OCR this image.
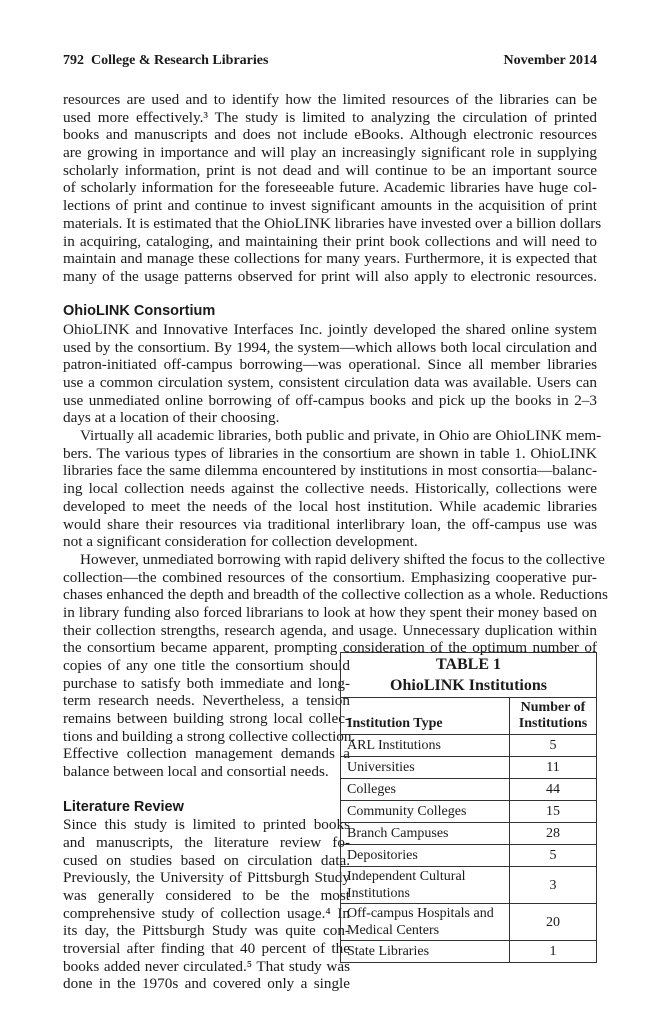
792  College & Research Libraries	November 2014
resources are used and to identify how the limited resources of the libraries can be
used more effectively.³ The study is limited to analyzing the circulation of printed
books and manuscripts and does not include eBooks. Although electronic resources
are growing in importance and will play an increasingly significant role in supplying
scholarly information, print is not dead and will continue to be an important source
of scholarly information for the foreseeable future. Academic libraries have huge col-
lections of print and continue to invest significant amounts in the acquisition of print
materials. It is estimated that the OhioLINK libraries have invested over a billion dollars
in acquiring, cataloging, and maintaining their print book collections and will need to
maintain and manage these collections for many years. Furthermore, it is expected that
many of the usage patterns observed for print will also apply to electronic resources.
OhioLINK Consortium
OhioLINK and Innovative Interfaces Inc. jointly developed the shared online system
used by the consortium. By 1994, the system—which allows both local circulation and
patron-initiated off-campus borrowing—was operational. Since all member libraries
use a common circulation system, consistent circulation data was available. Users can
use unmediated online borrowing of off-campus books and pick up the books in 2–3
days at a location of their choosing.
Virtually all academic libraries, both public and private, in Ohio are OhioLINK mem-
bers. The various types of libraries in the consortium are shown in table 1. OhioLINK
libraries face the same dilemma encountered by institutions in most consortia—balanc-
ing local collection needs against the collective needs. Historically, collections were
developed to meet the needs of the local host institution. While academic libraries
would share their resources via traditional interlibrary loan, the off-campus use was
not a significant consideration for collection development.
However, unmediated borrowing with rapid delivery shifted the focus to the collective
collection—the combined resources of the consortium. Emphasizing cooperative pur-
chases enhanced the depth and breadth of the collective collection as a whole. Reductions
in library funding also forced librarians to look at how they spent their money based on
their collection strengths, research agenda, and usage. Unnecessary duplication within
the consortium became apparent, prompting consideration of the optimum number of
copies of any one title the consortium should
purchase to satisfy both immediate and long-
term research needs. Nevertheless, a tension
remains between building strong local collec-
tions and building a strong collective collection.
Effective collection management demands a
balance between local and consortial needs.
Literature Review
Since this study is limited to printed books
and manuscripts, the literature review fo-
cused on studies based on circulation data.
Previously, the University of Pittsburgh Study
was generally considered to be the most
comprehensive study of collection usage.⁴ In
its day, the Pittsburgh Study was quite con-
troversial after finding that 40 percent of the
books added never circulated.⁵ That study was
done in the 1970s and covered only a single
TABLE 1
OhioLINK Institutions	

Institution Type	Number of Institutions
ARL Institutions	5
Universities	11
Colleges	44
Community Colleges	15
Branch Campuses	28
Depositories	5
Independent Cultural Institutions	3
Off-campus Hospitals and Medical Centers	20
State Libraries	1
